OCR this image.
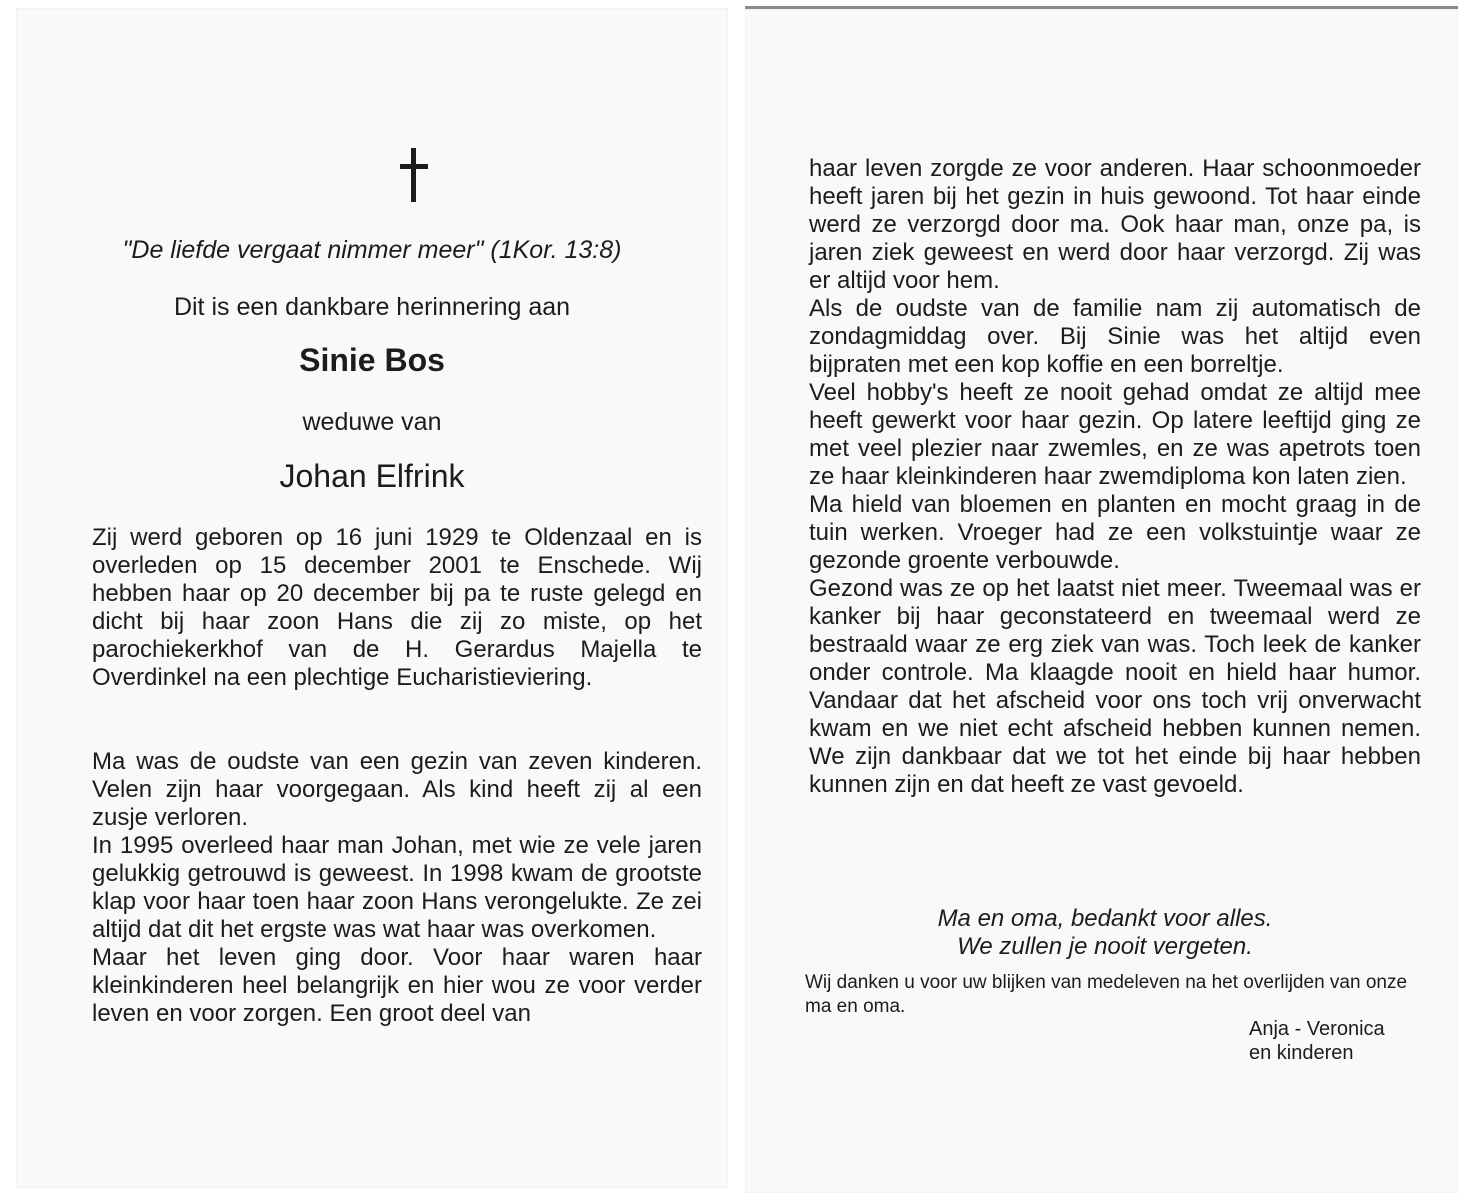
"De liefde vergaat nimmer meer" (1Kor. 13:8)

Dit is een dankbare herinnering aan

Sinie Bos

weduwe van

Johan Elfrink

Zij werd geboren op 16 juni 1929 te Oldenzaal en is overleden op 15 december 2001 te Enschede. Wij hebben haar op 20 december bij pa te ruste gelegd en dicht bij haar zoon Hans die zij zo miste, op het parochiekerkhof van de H. Gerardus Majella te Overdinkel na een plechtige Eucharistieviering.

Ma was de oudste van een gezin van zeven kinderen. Velen zijn haar voorgegaan. Als kind heeft zij al een zusje verloren.
In 1995 overleed haar man Johan, met wie ze vele jaren gelukkig getrouwd is geweest. In 1998 kwam de grootste klap voor haar toen haar zoon Hans verongelukte. Ze zei altijd dat dit het ergste was wat haar was overkomen.
Maar het leven ging door. Voor haar waren haar kleinkinderen heel belangrijk en hier wou ze voor verder leven en voor zorgen. Een groot deel van

haar leven zorgde ze voor anderen. Haar schoonmoeder heeft jaren bij het gezin in huis gewoond. Tot haar einde werd ze verzorgd door ma. Ook haar man, onze pa, is jaren ziek geweest en werd door haar verzorgd. Zij was er altijd voor hem.
Als de oudste van de familie nam zij automatisch de zondagmiddag over. Bij Sinie was het altijd even bijpraten met een kop koffie en een borreltje.
Veel hobby's heeft ze nooit gehad omdat ze altijd mee heeft gewerkt voor haar gezin. Op latere leeftijd ging ze met veel plezier naar zwemles, en ze was apetrots toen ze haar kleinkinderen haar zwemdiploma kon laten zien.
Ma hield van bloemen en planten en mocht graag in de tuin werken. Vroeger had ze een volkstuintje waar ze gezonde groente verbouwde.
Gezond was ze op het laatst niet meer. Tweemaal was er kanker bij haar geconstateerd en tweemaal werd ze bestraald waar ze erg ziek van was. Toch leek de kanker onder controle. Ma klaagde nooit en hield haar humor. Vandaar dat het afscheid voor ons toch vrij onverwacht kwam en we niet echt afscheid hebben kunnen nemen. We zijn dankbaar dat we tot het einde bij haar hebben kunnen zijn en dat heeft ze vast gevoeld.

Ma en oma, bedankt voor alles.
We zullen je nooit vergeten.

Wij danken u voor uw blijken van medeleven na het overlijden van onze ma en oma.

Anja - Veronica
en kinderen
